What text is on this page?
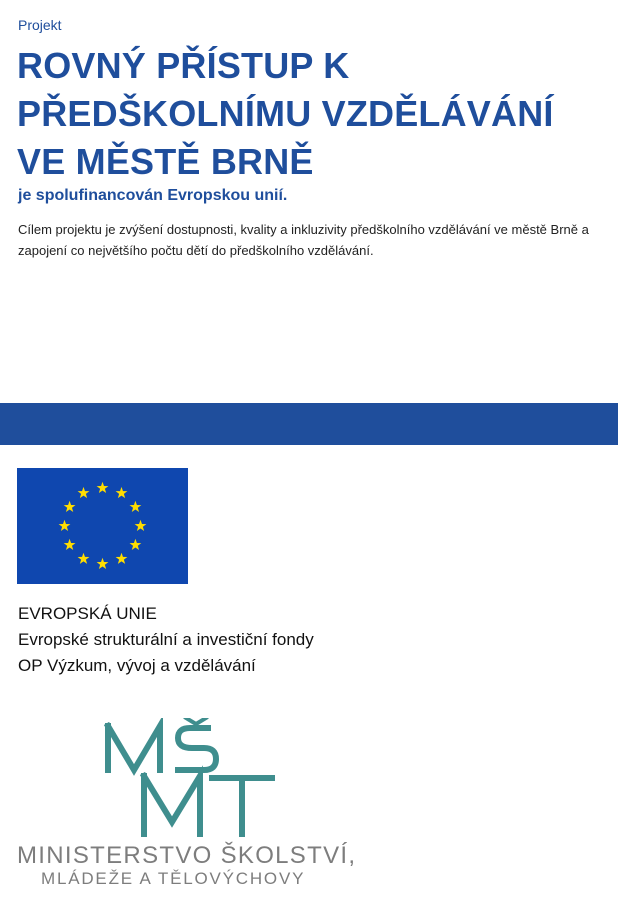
Projekt
ROVNÝ PŘÍSTUP K
PŘEDŠKOLNÍMU VZDĚLÁVÁNÍ
VE MĚSTĚ BRNĚ
je spolufinancován Evropskou unií.
Cílem projektu je zvýšení dostupnosti, kvality a inkluzivity předškolního vzdělávání ve městě Brně a zapojení co největšího počtu dětí do předškolního vzdělávání.
EVROPSKÁ UNIE
Evropské strukturální a investiční fondy
OP Výzkum, vývoj a vzdělávání
MINISTERSTVO ŠKOLSTVÍ,
MLÁDEŽE A TĚLOVÝCHOVY
